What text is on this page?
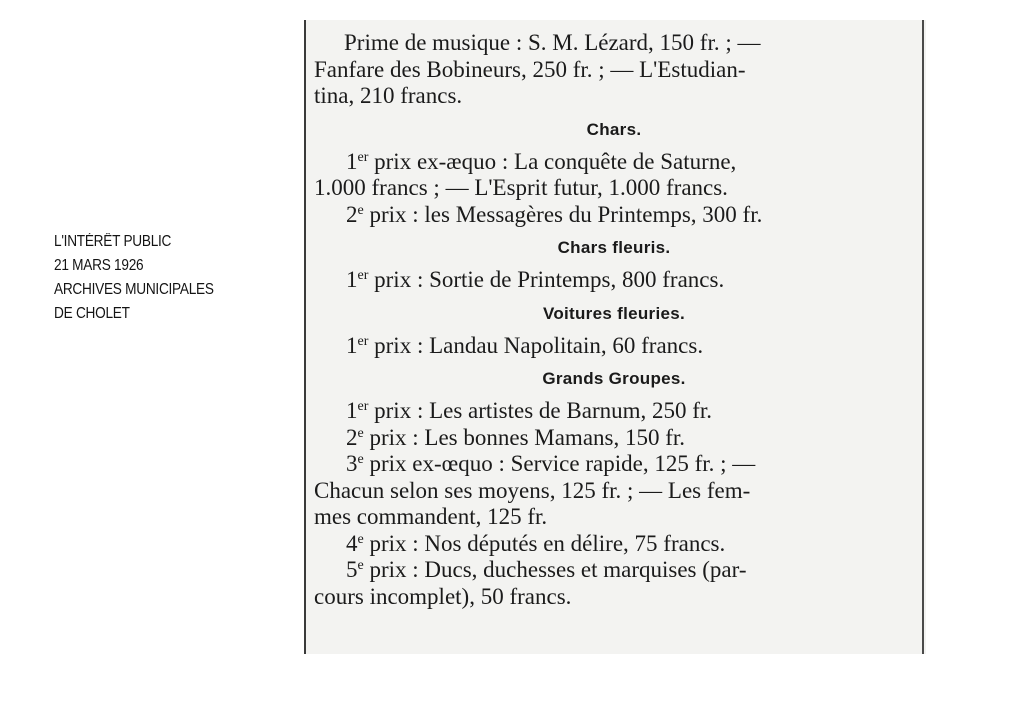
L'INTÉRÊT PUBLIC
21 MARS 1926
ARCHIVES MUNICIPALES
DE CHOLET

Prime de musique : S. M. Lézard, 150 fr. ; —
Fanfare des Bobineurs, 250 fr. ; — L'Estudian-
tina, 210 francs.

Chars.

1er prix ex-æquo : La conquête de Saturne,
1.000 francs ; — L'Esprit futur, 1.000 francs.

2e prix : les Messagères du Printemps, 300 fr.

Chars fleuris.

1er prix : Sortie de Printemps, 800 francs.

Voitures fleuries.

1er prix : Landau Napolitain, 60 francs.

Grands Groupes.

1er prix : Les artistes de Barnum, 250 fr.

2e prix : Les bonnes Mamans, 150 fr.

3e prix ex-œquo : Service rapide, 125 fr. ; —
Chacun selon ses moyens, 125 fr. ; — Les fem-
mes commandent, 125 fr.

4e prix : Nos députés en délire, 75 francs.

5e prix : Ducs, duchesses et marquises (par-
cours incomplet), 50 francs.
